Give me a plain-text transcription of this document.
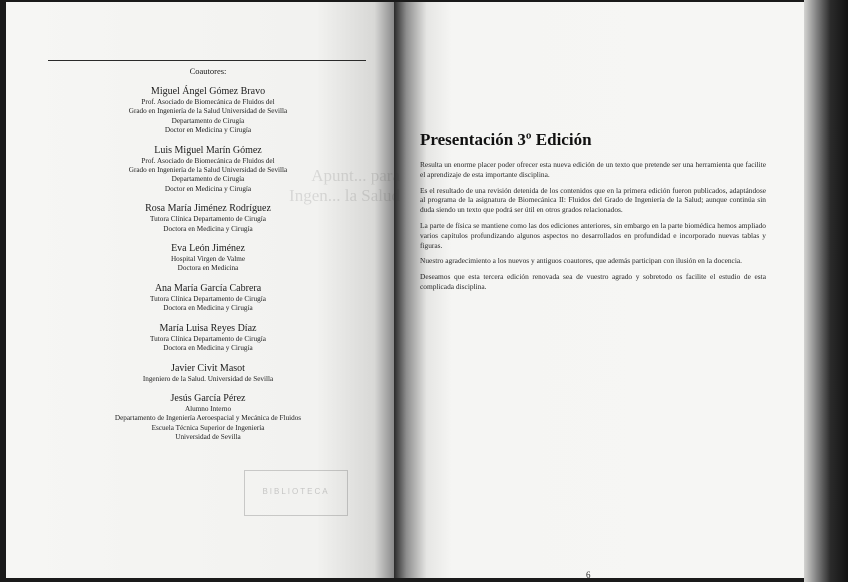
Apunt... para
Ingen... la Salud
BIBLIOTECA
Coautores:
Miguel Ángel Gómez Bravo
Prof. Asociado de Biomecánica de Fluidos del
Grado en Ingeniería de la Salud Universidad de Sevilla
Departamento de Cirugía
Doctor en Medicina y Cirugía
Luis Miguel Marín Gómez
Prof. Asociado de Biomecánica de Fluidos del
Grado en Ingeniería de la Salud Universidad de Sevilla
Departamento de Cirugía
Doctor en Medicina y Cirugía
Rosa María Jiménez Rodríguez
Tutora Clínica Departamento de Cirugía
Doctora en Medicina y Cirugía
Eva León Jiménez
Hospital Virgen de Valme
Doctora en Medicina
Ana María García Cabrera
Tutora Clínica Departamento de Cirugía
Doctora en Medicina y Cirugía
María Luisa Reyes Díaz
Tutora Clínica Departamento de Cirugía
Doctora en Medicina y Cirugía
Javier Civit Masot
Ingeniero de la Salud. Universidad de Sevilla
Jesús García Pérez
Alumno Interno
Departamento de Ingeniería Aeroespacial y Mecánica de Fluidos
Escuela Técnica Superior de Ingeniería
Universidad de Sevilla
Presentación 3º Edición

Resulta un enorme placer poder ofrecer esta nueva edición de un texto que pretende ser una herramienta que facilite el aprendizaje de esta importante disciplina.

Es el resultado de una revisión detenida de los contenidos que en la primera edición fueron publicados, adaptándose al programa de la asignatura de Biomecánica II: Fluidos del Grado de Ingeniería de la Salud; aunque continúa sin duda siendo un texto que podrá ser útil en otros grados relacionados.

La parte de física se mantiene como las dos ediciones anteriores, sin embargo en la parte biomédica hemos ampliado varios capítulos profundizando algunos aspectos no desarrollados en profundidad e incorporado nuevas tablas y figuras.

Nuestro agradecimiento a los nuevos y antiguos coautores, que además participan con ilusión en la docencia.

Deseamos que esta tercera edición renovada sea de vuestro agrado y sobretodo os facilite el estudio de esta complicada disciplina.

6
